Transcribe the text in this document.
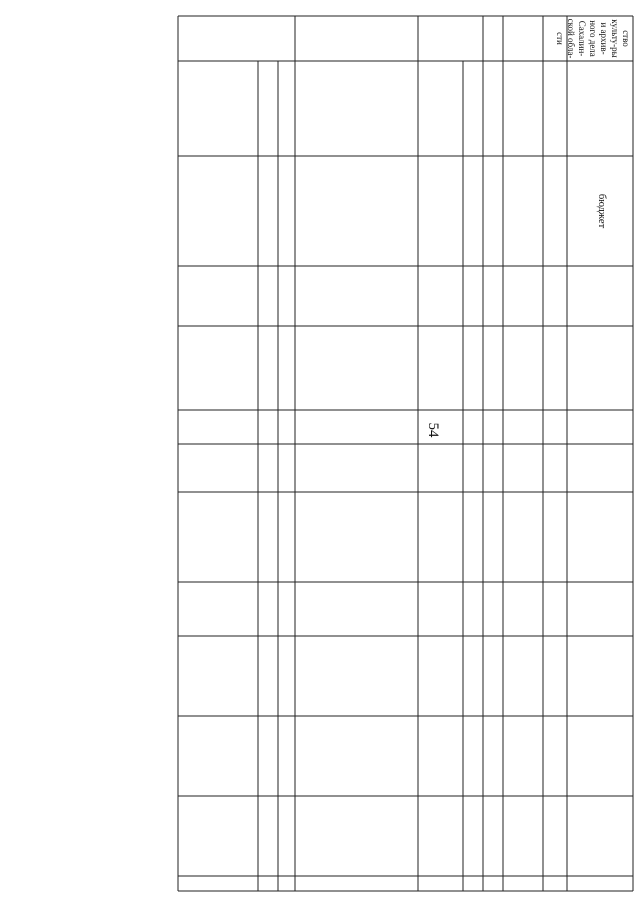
54
ство культу-ры и архив-ного дела Сахалин-ской обла-сти
бюджет
